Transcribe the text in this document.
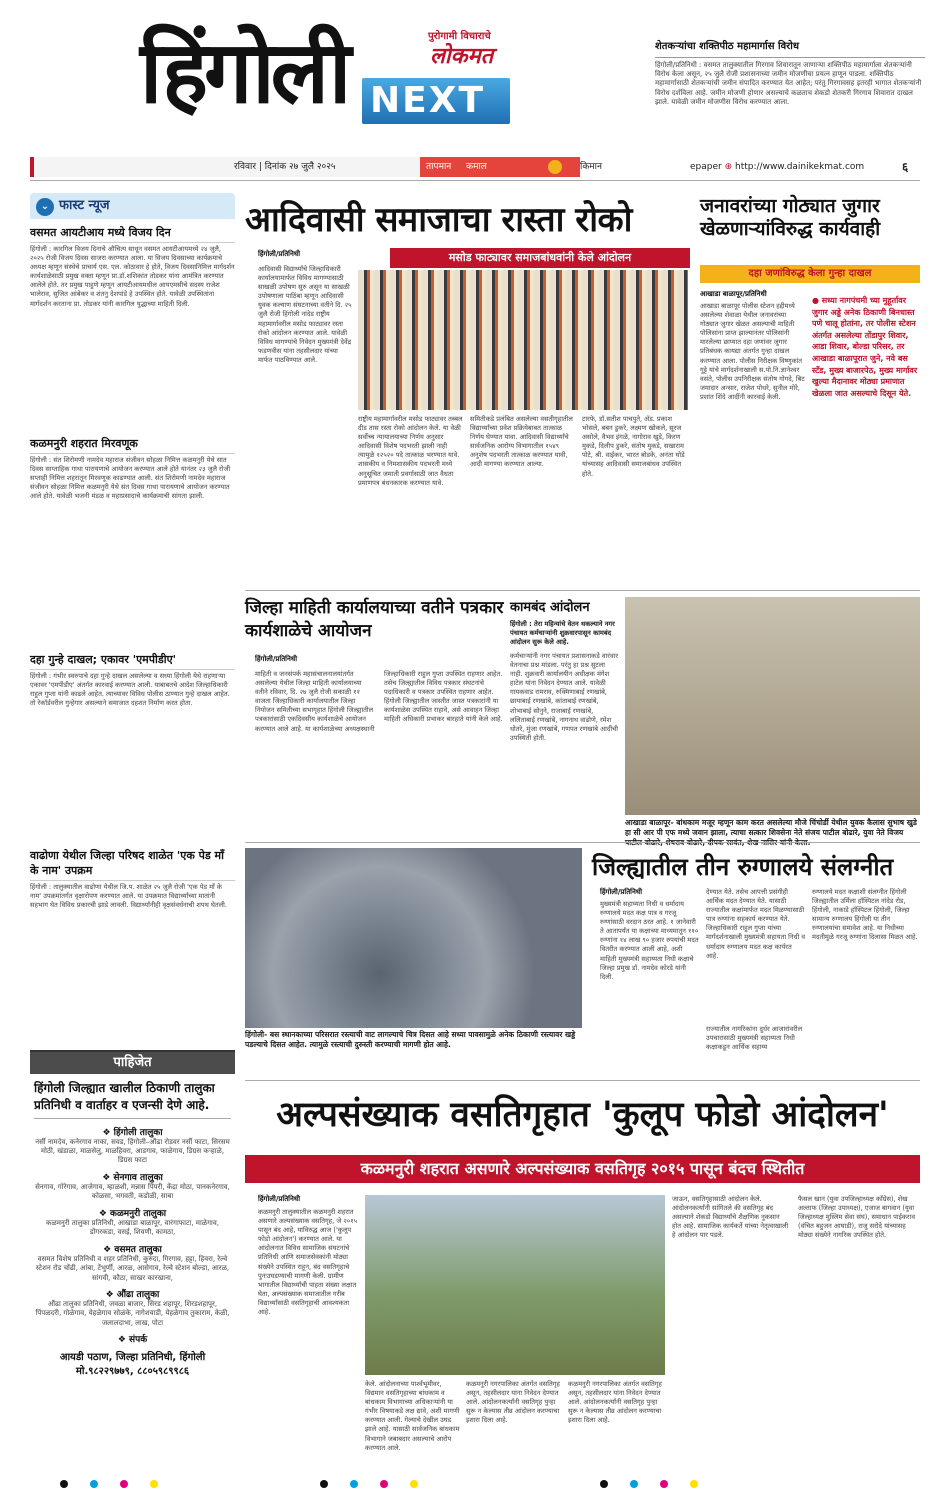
हिंगोली	पुरोगामी विचाराचे
लोकमत
NEXT
शेतकऱ्यांचा शक्तिपीठ महामार्गास विरोध

हिंगोली/प्रतिनिधी : वसमत तालुक्यातील गिरगाव शिवारातून जाणाऱ्या शक्तिपीठ महामार्गाला शेतकऱ्यांनी विरोध केला असून, २५ जुलै रोजी प्रशासनाच्या जमीन मोजणीचा प्रयत्न हाणून पाडला. शक्तिपीठ महामार्गासाठी शेतकऱ्यांची जमीन संपादित करण्यात येत आहेत; परंतु गिरगावसह इतरही भागात शेतकऱ्यांनी विरोध दर्शविला आहे. जमीन मोजणी होणार असल्याचे कळताच शेकडो शेतकरी गिरगाव शिवारात दाखल झाले. यावेळी जमीन मोजणीस विरोध करण्यात आला.

रविवार | दिनांक २७ जुलै २०२५	तापमान कमाल	किमान	epaper ⊕ http://www.dainikekmat.com	६
⌄ फास्ट न्यूज
वसमत आयटीआय मध्ये विजय दिन

हिंगोली : कारगिल विजय दिनाचे औचित्य साधून वसमत आयटीआयमध्ये २४ जुलै, २०२५ रोजी विजय दिवस साजरा करण्यात आला. या विजय दिवसाच्या कार्यक्रमाचे अध्यक्ष म्हणून संस्थेचे प्राचार्य एस. एल. कोठावार हे होते, विजय दिवसानिमित्त मार्गदर्शन कार्यशाळेसाठी प्रमुख वक्ता म्हणून प्रा.डॉ.शशिकांत तोडकर यांना आमंत्रित करण्यात आलेले होते. तर प्रमुख पाहुणे म्हणून आयटीआयमधील आयएमसीचे सदस्य राजेश भालेराव, सुजित आंबेकर व शंतनु देशपांडे हे उपस्थित होते. यावेळी उपस्थितांना मार्गदर्शन करताना प्रा. तोडकर यांनी कारगिल युद्धाच्या माहिती दिली.

कळमनुरी शहरात मिरवणूक

हिंगोली : संत शिरोमणी नामदेव महाराज संजीवन सोहळा निमित्त कळमनुरी येथे सात दिवस साप्ताहिक गाथा पारायणाचे आयोजन करण्यात आले होते यानंतर २३ जुलै रोजी सप्ताही निमित्त शहरातून मिरवणूक काढण्यात आली. संत शिरोमणी नामदेव महाराज संजीवन सोहळा निमित्त कळमनुरी येथे संत दिवस गाथा पारायणाचे आयोजन करण्यात आले होते. यावेळी भजनी मंडळ व महाप्रसादाचे कार्यक्रमाची सांगता झाली.

दहा गुन्हे दाखल; एकावर 'एमपीडीए'

हिंगोली : गंभीर स्वरुपाचे दहा गुन्हे दाखल असलेल्या व सध्या हिंगोली येथे राहणाऱ्या एकावर 'एमपीडीए' अंतर्गत कारवाई करण्यात आली. याबाबतचे आदेश जिल्हाधिकारी राहुल गुप्ता यांनी काढले आहेत. त्याच्यावर विविध पोलीस ठाण्यात गुन्हे दाखल आहेत. तो रेकॉर्डवरील गुन्हेगार असल्याने समाजात दहशत निर्माण करत होता.

वाढोणा येथील जिल्हा परिषद शाळेत 'एक पेड माँ के नाम' उपक्रम

हिंगोली : तालुक्यातील वाढोणा येथील जि.प. शाळेत २५ जुलै रोजी 'एक पेड माँ के नाम' उपक्रमांतर्गत वृक्षारोपण करण्यात आले. या उपक्रमात विद्यार्थ्यांच्या मातांनी सहभाग घेत विविध प्रकारची झाडे लावली. विद्यार्थ्यांनीही वृक्षसंवर्धनाची शपथ घेतली.

पाहिजेत
हिंगोली जिल्ह्यात खालील ठिकाणी तालुका प्रतिनिधी व वार्ताहर व एजन्सी देणे आहे.
❖ हिंगोली तालुका

नर्सी नामदेव, कनेरगाव नाका, सवड, हिंगोली–औंढा रोडवर नर्सी फाटा, सिरसम मोठी, खंडाळा, माळसेलु, माळहिवरा, आडगाव, फाळेगाव, डिग्रस कऱ्हाळे, डिग्रस फाटा

❖ सेनगाव तालुका

सेनगाव, गोरेगाव, आजेगाव, म्हाळशी, मन्नास पिंपरी, केंद्रा मोठा, पानकनेरगाव, कोळसा, भगवती, कडोळी, साबा

❖ कळमनुरी तालुका

कळमनुरी तालुका प्रतिनिधी, आखाडा बाळापूर, वारंगाफाटा, माळेगाव, डोंगरकडा, वसई, शिवणी, कामठा,

❖ वसमत तालुका

वसमत विशेष प्रतिनिधी व शहर प्रतिनिधी, कुरुंदा, गिरगाव, हट्टा, हिवरा, रेल्वे स्टेशन रोड चोंढी, आंबा, टेंभुर्णी, आरळ, आसेगाव, रेल्वे स्टेशन बोल्डा, आरळ, सांगवी, कौठा, साखर कारखाना,

❖ औंढा तालुका

औंढा तालुका प्रतिनिधी, जवळा बाजार, सिरड शहापूर, शिरडशहापूर, पिंपळदरी, गोळेगाव, येहळेगाव सोळंके, नागेशवाडी, येहळेगाव तुकाराम, केळी, जलालदाभा, लाख, पोटा

❖ संपर्क
आयडी पठाण, जिल्हा प्रतिनिधी, हिंगोली मो.९८२२९७७९, ८८०५९८९९८६
आदिवासी समाजाचा रास्ता रोको
मसोड फाट्यावर समाजबांधवांनी केले आंदोलन
हिंगोली/प्रतिनिधी
आदिवासी विद्यार्थ्यांचे जिल्हाधिकारी कार्यालयामार्फत विविध मागण्यासाठी साखळी उपोषण सुरु असून या साखळी उपोषणाला पाठिंबा म्हणून आदिवासी युवक कल्याण संघटनाच्या वतीने दि. २५ जुलै रोजी हिंगोली नांदेड राष्ट्रीय महामार्गावरील मसोड फाट्यावर रस्ता रोको आंदोलन करण्यात आले. यावेळी विविध मागण्यांचे निवेदन मुख्यमंत्री देवेंद्र फडणवीस यांना तहसीलदार यांच्या मार्फत पाठविण्यात आले.
राष्ट्रीय महामार्गावरील मसोड फाट्यावर तब्बल दीड तास रस्ता रोको आंदोलन केले. या वेळी सर्वोच्च न्यायालयाच्या निर्णय अनुसार आदिवासी विशेष पदभरती झाली नाही त्यामुळे १२५२० पदे तात्काळ भरण्यात यावे. शासकीय व निमशासकीय पदभरती मध्ये अनुसूचित जमाती प्रवर्गासाठी जात वैधता प्रमाणपत्र बंधनकारक करण्यात यावे.
समितीकडे प्रलंबित असलेल्या वसतीगृहातील विद्यार्थ्यांच्या प्रवेश प्रक्रियेबाबत तात्काळ निर्णय घेण्यात यावा. आदिवासी विद्यार्थ्यांचे सार्वजनिक आरोग्य विभागातील १५४९ अनुशेष पदभरती तात्काळ करण्यात यावी, आदी मागण्या करण्यात आल्या.
टारफे, डॉ.सतीश पाचपुते, ॲड. प्रकाश भोसले, बबन डुकरे, लक्ष्मण खोकले, सूरज असोले, वैभव इंगळे, नागोराव खुडे, किरण मुकडे, दिलीप डुकरे, संतोष मुकडे, सखाराम पोटे, श्री. वाईकर, भारत बोडके, अनंता घोडे यांच्यासह आदिवासी समाजबांधव उपस्थित होते.
जनावरांच्या गोठ्यात जुगार खेळणाऱ्यांविरुद्ध कार्यवाही
दहा जणांविरुद्ध केला गुन्हा दाखल
आखाडा बाळापूर/प्रतिनिधी
आखाडा बाळापूर पोलीस स्टेशन हद्दीमध्ये असलेल्या शेवाळा येथील जनावरांच्या गोठ्यात जुगार खेळत असल्याची माहिती पोलिसांना प्राप्त झाल्यानंतर पोलिसांनी मारलेल्या छाप्यात दहा जणांवर जुगार प्रतिबंधक कायद्या अंतर्गत गुन्हा दाखल करण्यात आला. पोलीस निरीक्षक विष्णुकांत गुट्टे यांचे मार्गदर्शनाखाली स.पो.नि.ज्ञानेश्वर वसंते, पोलीस उपनिरीक्षक संतोष गोगदे, बिट जमादार अन्सार, राजेश पोधरे, सुनील मोरे, प्रशांत शिंदे आदींनी कारवाई केली.
● सध्या नागपंचमी च्या मुहूर्तावर जुगार अड्डे अनेक ठिकाणी बिनधास्त पणे चालू होतांना, तर पोलीस स्टेशन अंतर्गत असलेल्या तोंडापुर शिवार, आडा शिवार, बोल्डा परिसर, तर आखाडा बाळापूरात जुने, नवे बस स्टँड, मुख्य बाजारपेठ, मुख्य मार्गावर खुल्या मैदानावर मोठ्या प्रमाणात खेळला जात असल्याचे दिसून येते.
जिल्हा माहिती कार्यालयाच्या वतीने पत्रकार कार्यशाळेचे आयोजन
हिंगोली/प्रतिनिधी
माहिती व जनसंपर्क महासंचालनालयांतर्गत असलेल्या येथील जिल्हा माहिती कार्यालयाच्या वतीने रविवार, दि. २७ जुलै रोजी सकाळी ११ वाजता जिल्हाधिकारी कार्यालयातील जिल्हा नियोजन समितीच्या सभागृहात हिंगोली जिल्ह्यातील पत्रकारांसाठी एकदिवसीय कार्यशाळेचे आयोजन करण्यात आले आहे. या कार्यशाळेच्या अध्यक्षस्थानी जिल्हाधिकारी राहुल गुप्ता उपस्थित राहणार आहेत. तसेच जिल्ह्यातील विविध पत्रकार संघटनांचे पदाधिकारी व पत्रकार उपस्थित राहणार आहेत. हिंगोली जिल्ह्यातील जास्तीत जास्त पत्रकारांनी या कार्यशाळेस उपस्थित राहावे, असे आवाहन जिल्हा माहिती अधिकारी प्रभाकर बारहाते यांनी केले आहे.
कामबंद आंदोलन
हिंगोली : तेरा महिन्यांचे वेतन थकल्याने नगर पंचायत कर्मचाऱ्यांनी शुक्रवारपासून कामबंद आंदोलन सुरू केले आहे.
कर्मचाऱ्यांनी नगर पंचायत प्रशासनाकडे वारंवार वेतनाचा प्रश्न मांडला. परंतु हा प्रश्न सुटला नाही. शुक्रवारी कार्यालयीन अधीक्षक मंगेश हाटेल यांना निवेदन देण्यात आले. यावेळी गायकवाड रामराव, रुक्मिणाबाई रणखांबे, छायाबाई रणखांबे, कांताबाई रणखांबे, शोभाबाई सोनुने, राजाबाई रणखांबे, ललिताबाई रणखांबे, नागनाथ वाढोणे, रमेश धोतरे, मुंजा रणखांबे, गणपत रणखांबे आदींची उपस्थिती होती.
आखाडा बाळापूर- बांधकाम मजूर म्हणून काम करत असलेल्या मौजे चिंचोर्डी येथील युवक कैलास सुभाष खुडे हा सी आर पी एफ मध्ये जवान झाला, त्याचा सत्कार शिवसेना नेते संजय पाटील बोढारे, युवा नेते विजय पाटील बोढारे, शेषराव बोढारे, दीपक सावंत, शेख नासिर यांनी केला.
हिंगोली- बस स्थानकाच्या परिसरात रस्त्याची वाट लागल्याचे चित्र दिसत आहे सध्या पावसामुळे अनेक ठिकाणी रस्त्यावर खड्डे पडल्याचे दिसत आहेत. त्यामुळे रस्त्याची दुरुस्ती करण्याची मागणी होत आहे.
जिल्ह्यातील तीन रुग्णालये संलग्नीत
हिंगोली/प्रतिनिधी
मुख्यमंत्री सहाय्यता निधी व धर्मादाय रुग्णालये मदत कक्ष पात्र व गरजू रुग्णांसाठी वरदान ठरत आहे. १ जानेवारी ते आतापर्यंत या कक्षाच्या माध्यमातून ११० रुग्णांना १४ लाख ९० हजार रुपयांची मदत वितरीत करण्यात आली आहे, अशी माहिती मुख्यमंत्री सहाय्यता निधी कक्षाचे जिल्हा प्रमुख डॉ. नामदेव कोरडे यांनी दिली.
देण्यात येते. तसेच आपत्ती प्रसंगीही आर्थिक मदत देण्यात येते. यासाठी राज्यातील कक्षांमार्फत मदत मिळण्यासाठी पात्र रुग्णांना सहकार्य करण्यात येते. जिल्हाधिकारी राहुल गुप्ता यांच्या मार्गदर्शनाखाली मुख्यमंत्री सहायता निधी व धर्मादाय रुग्णालय मदत कक्ष कार्यरत आहे.
राज्यातील नागरिकांना दुर्धर आजारांवरील उपचारासाठी मुख्यमंत्री सहाय्यता निधी कक्षाकडून आर्थिक सहाय्य
रुग्णालये मदत कक्षाशी संलग्नीत हिंगोली जिल्ह्यातील उर्मिला हॉस्पिटल नांदेड रोड, हिंगोली, नाकाडे हॉस्पिटल हिंगोली, जिल्हा सामान्य रुग्णालय हिंगोली या तीन रुग्णालयांचा समावेश आहे. या निधीच्या मदतीमुळे गरजू रुग्णांना दिलासा मिळत आहे.
अल्पसंख्याक वसतिगृहात 'कुलूप फोडो आंदोलन'
कळमनुरी शहरात असणारे अल्पसंख्याक वसतिगृह २०१५ पासून बंदच स्थितीत
हिंगोली/प्रतिनिधी
कळमनुरी तालुक्यातील कळमनुरी शहरात असणारे अल्पसंख्याक वसतिगृह, जे २०१५ पासून बंद आहे, याविरुद्ध आज ('कुलूप फोडो आंदोलन') करण्यात आले. या आंदोलनात विविध सामाजिक संघटनांचे प्रतिनिधी आणि समाजसेवकांनी मोठ्या संख्येने उपस्थित राहून, बंद वसतिगृहाचे पुनःउघडण्याची मागणी केली. ग्रामीण भागातील विद्यार्थ्यांची पाहता संख्या लक्षात घेता, अल्पसंख्याक समाजातील गरीब विद्यार्थ्यांसाठी वसतिगृहाची आवश्यकता आहे.
केले. आंदोलनाच्या पार्श्वभूमीवर, विद्यमान वसतिगृहाच्या बांधकाम व बांधकाम विभागाच्या अधिकाऱ्यांनी या गंभीर विषयाकडे लक्ष द्यावे, अशी मागणी करण्यात आली. गेल्याचे देखील उघड झाले आहे. यासाठी सार्वजनिक बांधकाम विभागाने जबाबदार असल्याचे आरोप करण्यात आले.
कळमनुरी नगरपालिका अंतर्गत वसतिगृह असून, तहसीलदार यांना निवेदन देण्यात आले. आंदोलनकर्त्यांनी वसतिगृह पुन्हा सुरू न केल्यास तीव्र आंदोलन करण्याचा इशारा दिला आहे.
कळमनुरी नगरपालिका अंतर्गत वसतिगृह असून, तहसीलदार यांना निवेदन देण्यात आले. आंदोलनकर्त्यांनी वसतिगृह पुन्हा सुरू न केल्यास तीव्र आंदोलन करण्याचा इशारा दिला आहे.
जाऊन, वसतिगृहासाठी आंदोलन केले. आंदोलनकर्त्यांनी सांगितले की वसतिगृह बंद असल्याने शेकडो विद्यार्थ्यांचे शैक्षणिक नुकसान होत आहे. सामाजिक कार्यकर्ते यांच्या नेतृत्वाखाली हे आंदोलन पार पडले.
फैसल खान (युवा उपजिल्हाध्यक्ष काँग्रेस), शेख अल्ताफ (जिल्हा उपाध्यक्ष), एजाज बागवान (युवा जिल्हाध्यक्ष मुस्लिम सेवा संघ), समाधान पाईकराव (वंचित बहुजन आघाडी), राजु सरोदे यांच्यासह मोठ्या संख्येने नागरिक उपस्थित होते.
